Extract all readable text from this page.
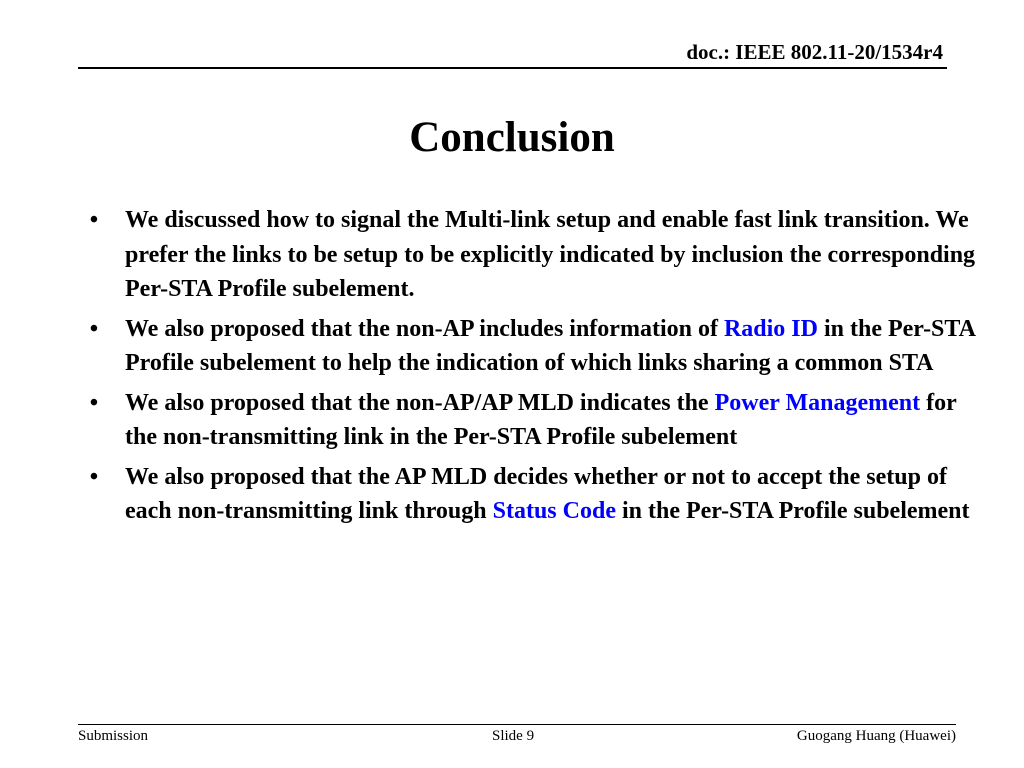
doc.: IEEE 802.11-20/1534r4
Conclusion
• We discussed how to signal the Multi-link setup and enable fast link transition. We prefer the links to be setup to be explicitly indicated by inclusion the corresponding Per-STA Profile subelement.
• We also proposed that the non-AP includes information of Radio ID in the Per-STA Profile subelement to help the indication of which links sharing a common STA
• We also proposed that the non-AP/AP MLD indicates the Power Management for the non-transmitting link in the Per-STA Profile subelement
• We also proposed that the AP MLD decides whether or not to accept the setup of each non-transmitting link through Status Code in the Per-STA Profile subelement
Submission	Slide 9	Guogang Huang (Huawei)
